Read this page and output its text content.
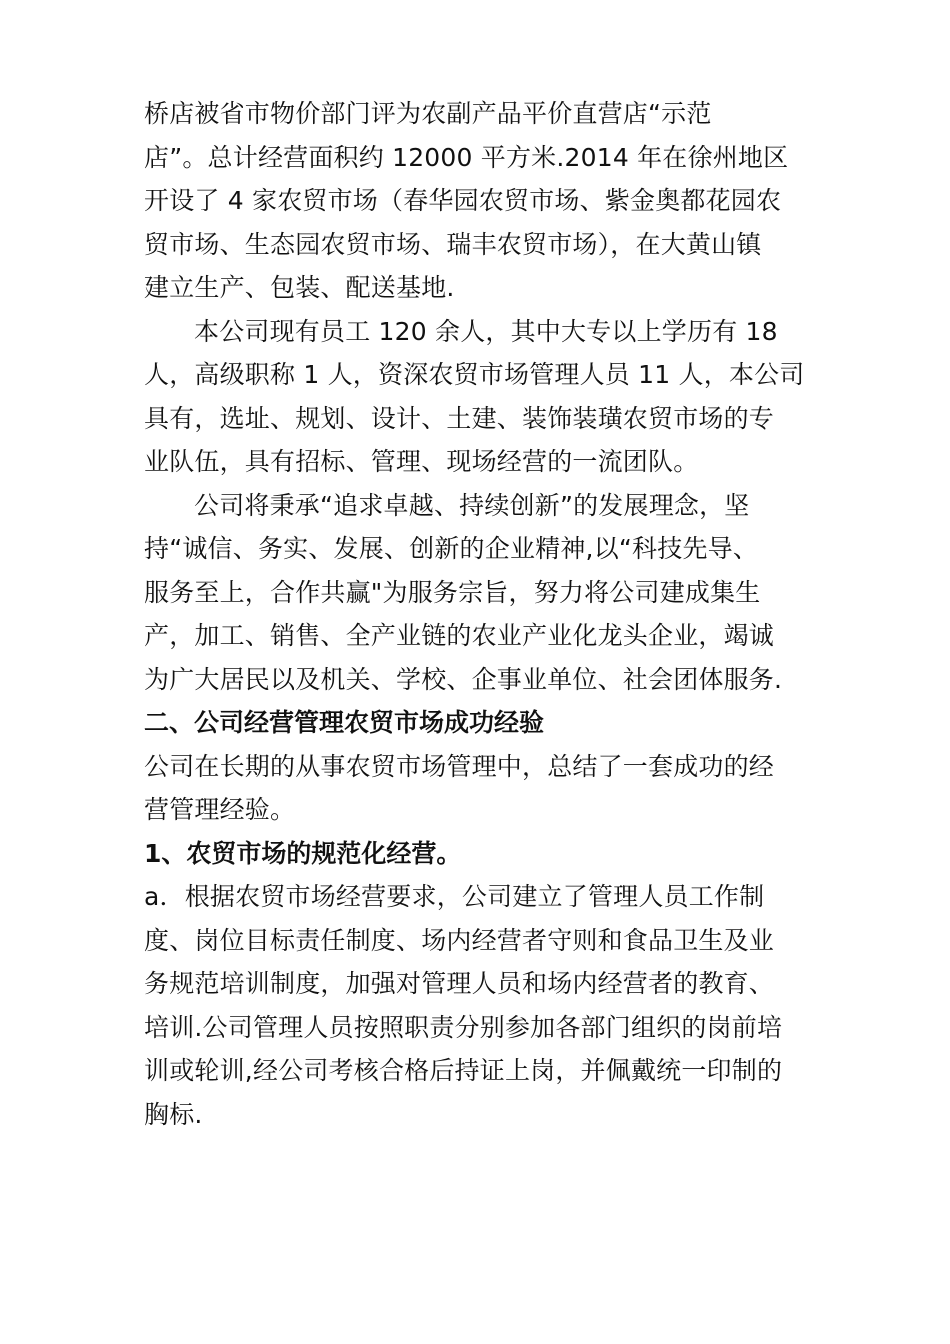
桥店被省市物价部门评为农副产品平价直营店“示范
店”。总计经营面积约 12000 平方米.2014 年在徐州地区
开设了 4 家农贸市场（春华园农贸市场、紫金奥都花园农
贸市场、生态园农贸市场、瑞丰农贸市场），在大黄山镇
建立生产、包装、配送基地.

本公司现有员工 120 余人，其中大专以上学历有 18
人，高级职称 1 人，资深农贸市场管理人员 11 人，本公司
具有，选址、规划、设计、土建、装饰装璜农贸市场的专
业队伍，具有招标、管理、现场经营的一流团队。

公司将秉承“追求卓越、持续创新”的发展理念，坚
持“诚信、务实、发展、创新的企业精神,以“科技先导、
服务至上，合作共赢"为服务宗旨，努力将公司建成集生
产，加工、销售、全产业链的农业产业化龙头企业，竭诚
为广大居民以及机关、学校、企事业单位、社会团体服务.

二、公司经营管理农贸市场成功经验

公司在长期的从事农贸市场管理中，总结了一套成功的经
营管理经验。

1、农贸市场的规范化经营。

a．根据农贸市场经营要求，公司建立了管理人员工作制
度、岗位目标责任制度、场内经营者守则和食品卫生及业
务规范培训制度，加强对管理人员和场内经营者的教育、
培训.公司管理人员按照职责分别参加各部门组织的岗前培
训或轮训,经公司考核合格后持证上岗，并佩戴统一印制的
胸标.
